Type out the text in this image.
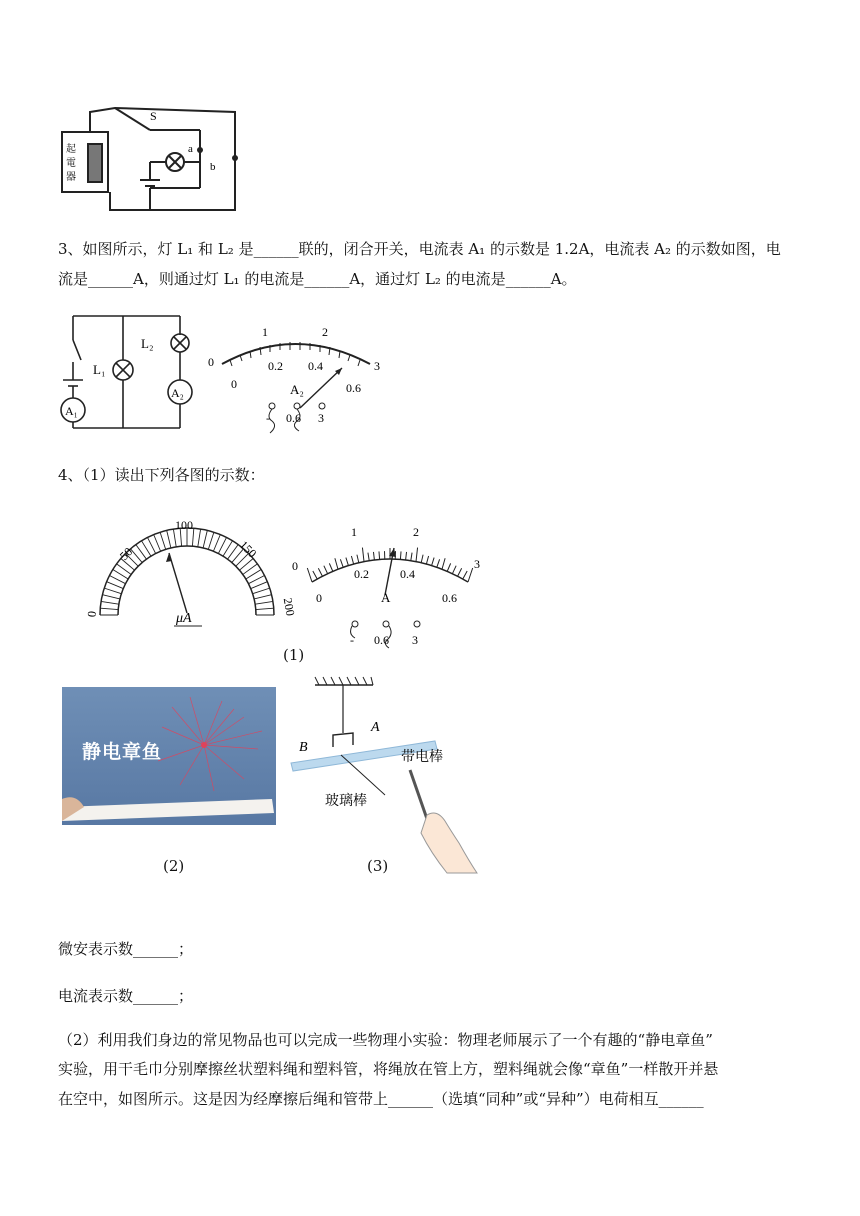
S
a
b
起
電
器
3、如图所示，灯 L₁ 和 L₂ 是______联的，闭合开关，电流表 A₁ 的示数是 1.2A，电流表 A₂ 的示数如图，电
流是______A，则通过灯 L₁ 的电流是______A，通过灯 L₂ 的电流是______A。
L₁
L₂
A₁
A₂
0
1	2
3
0
0.2 0.4
0.6
A₂
- 0.6 3
4、（1）读出下列各图的示数：
0
50
100
150
200
μA
0
1	2
3
0
0.2	0.4
0.6
A
- 0.6 3
(1)
静电章鱼
(2)
A
B
带电棒
玻璃棒
(3)
微安表示数______；
电流表示数______；
（2）利用我们身边的常见物品也可以完成一些物理小实验：物理老师展示了一个有趣的“静电章鱼”
实验，用干毛巾分别摩擦丝状塑料绳和塑料管，将绳放在管上方，塑料绳就会像“章鱼”一样散开并悬
在空中，如图所示。这是因为经摩擦后绳和管带上______（选填“同种”或“异种”）电荷相互______
